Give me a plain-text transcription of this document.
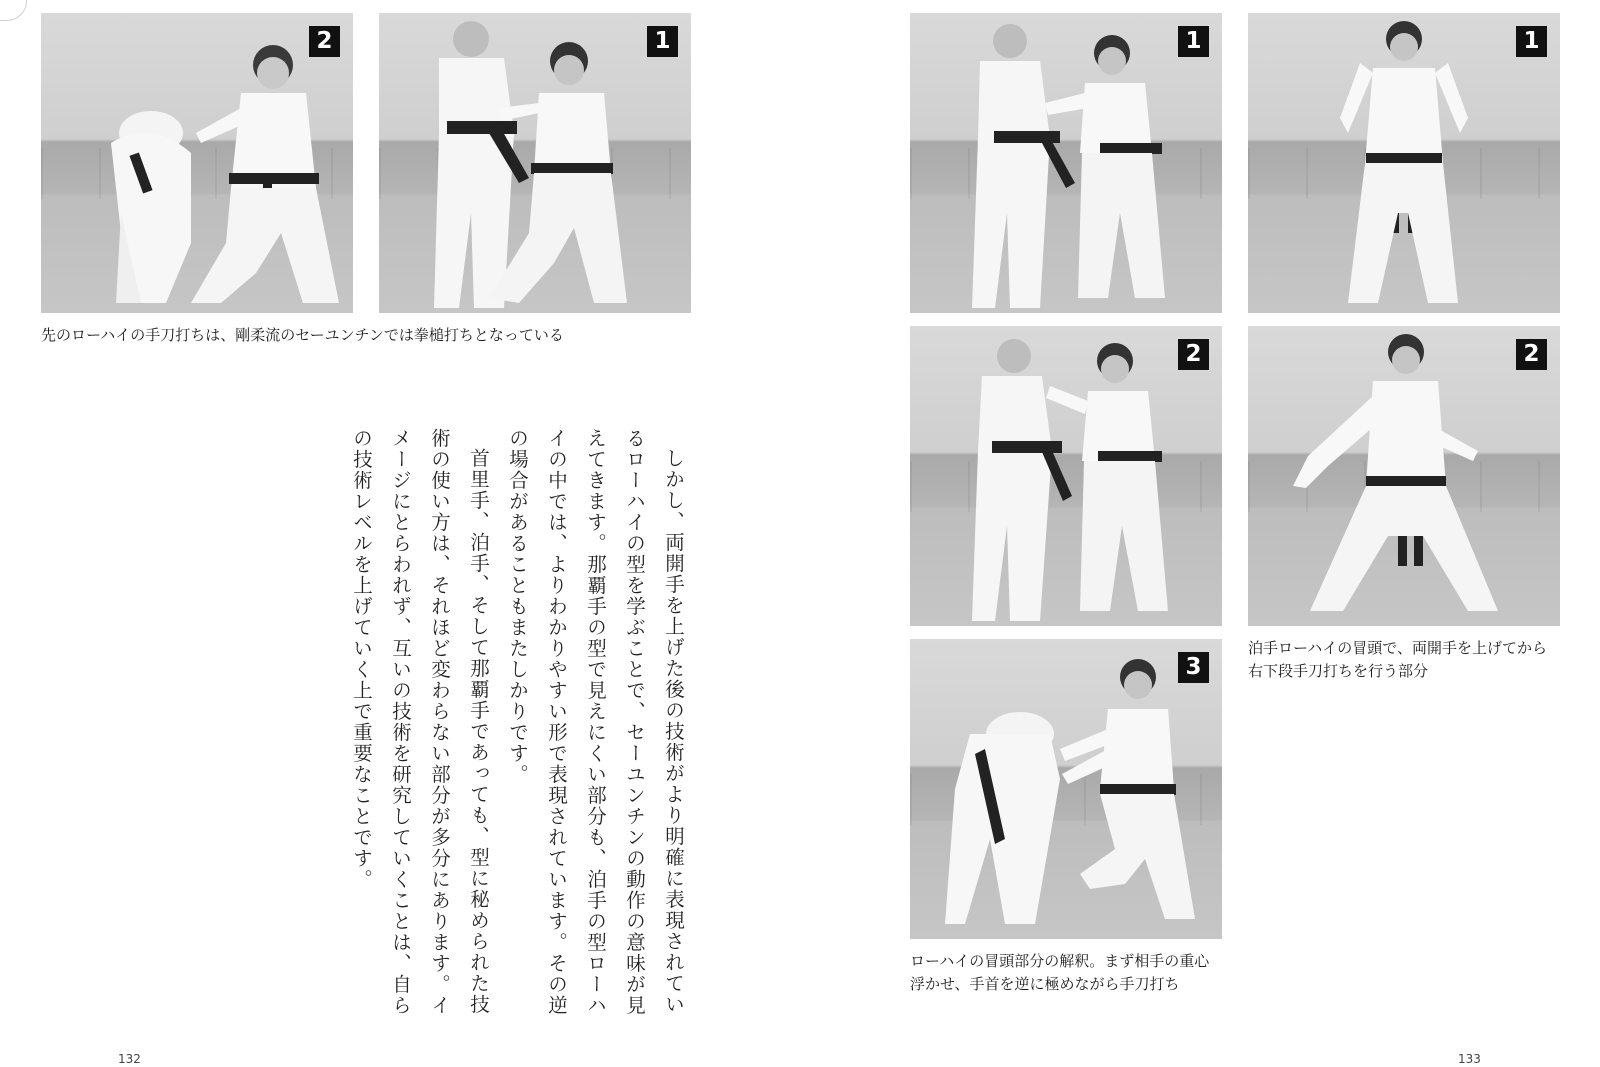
2	1
先のローハイの手刀打ちは、剛柔流のセーユンチンでは拳槌打ちとなっている

しかし、両開手を上げた後の技術がより明確に表現されているローハイの型を学ぶことで、セーユンチンの動作の意味が見えてきます。那覇手の型で見えにくい部分も、泊手の型ローハイの中では、よりわかりやすい形で表現されています。その逆の場合があることもまたしかりです。

首里手、泊手、そして那覇手であっても、型に秘められた技術の使い方は、それほど変わらない部分が多分にあります。イメージにとらわれず、互いの技術を研究していくことは、自らの技術レベルを上げていく上で重要なことです。

132
1
2
3
ローハイの冒頭部分の解釈。まず相手の重心
浮かせ、手首を逆に極めながら手刀打ち
1
2
泊手ローハイの冒頭で、両開手を上げてから
右下段手刀打ちを行う部分
133
